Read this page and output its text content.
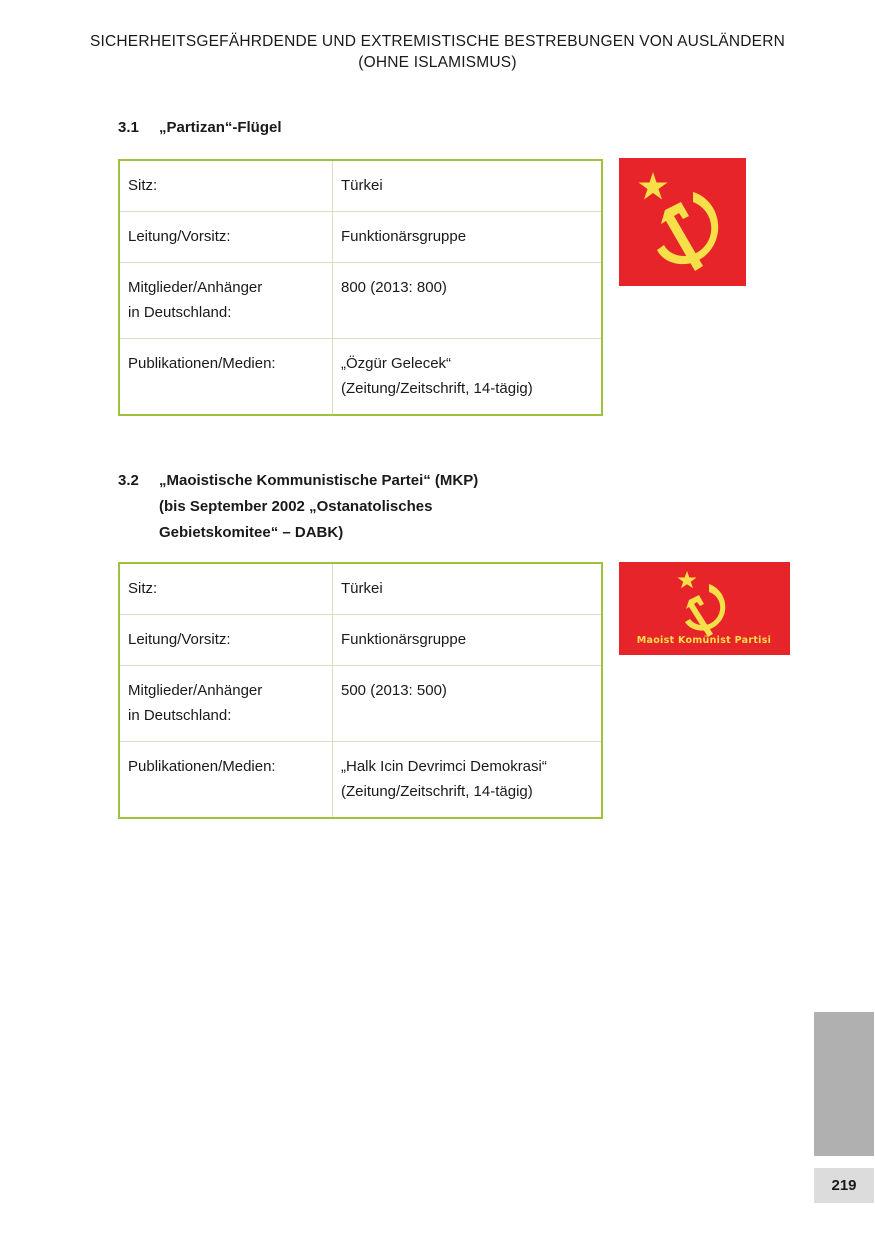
SICHERHEITSGEFÄHRDENDE UND EXTREMISTISCHE BESTREBUNGEN VON AUSLÄNDERN
(OHNE ISLAMISMUS)
3.1 „Partizan“-Flügel
Sitz:	Türkei
Leitung/Vorsitz:	Funktionärsgruppe

Mitglieder/Anhänger
in Deutschland:	800 (2013: 800)
Publikationen/Medien:	„Özgür Gelecek“
(Zeitung/Zeitschrift, 14-tägig)
3.2 „Maoistische Kommunistische Partei“ (MKP)
(bis September 2002 „Ostanatolisches
Gebietskomitee“ – DABK)
Sitz:	Türkei
Leitung/Vorsitz:	Funktionärsgruppe

Mitglieder/Anhänger
in Deutschland:	500 (2013: 500)
Publikationen/Medien:	„Halk Icin Devrimci Demokrasi“
(Zeitung/Zeitschrift, 14-tägig)
Maoist Komünist Partisi
219
